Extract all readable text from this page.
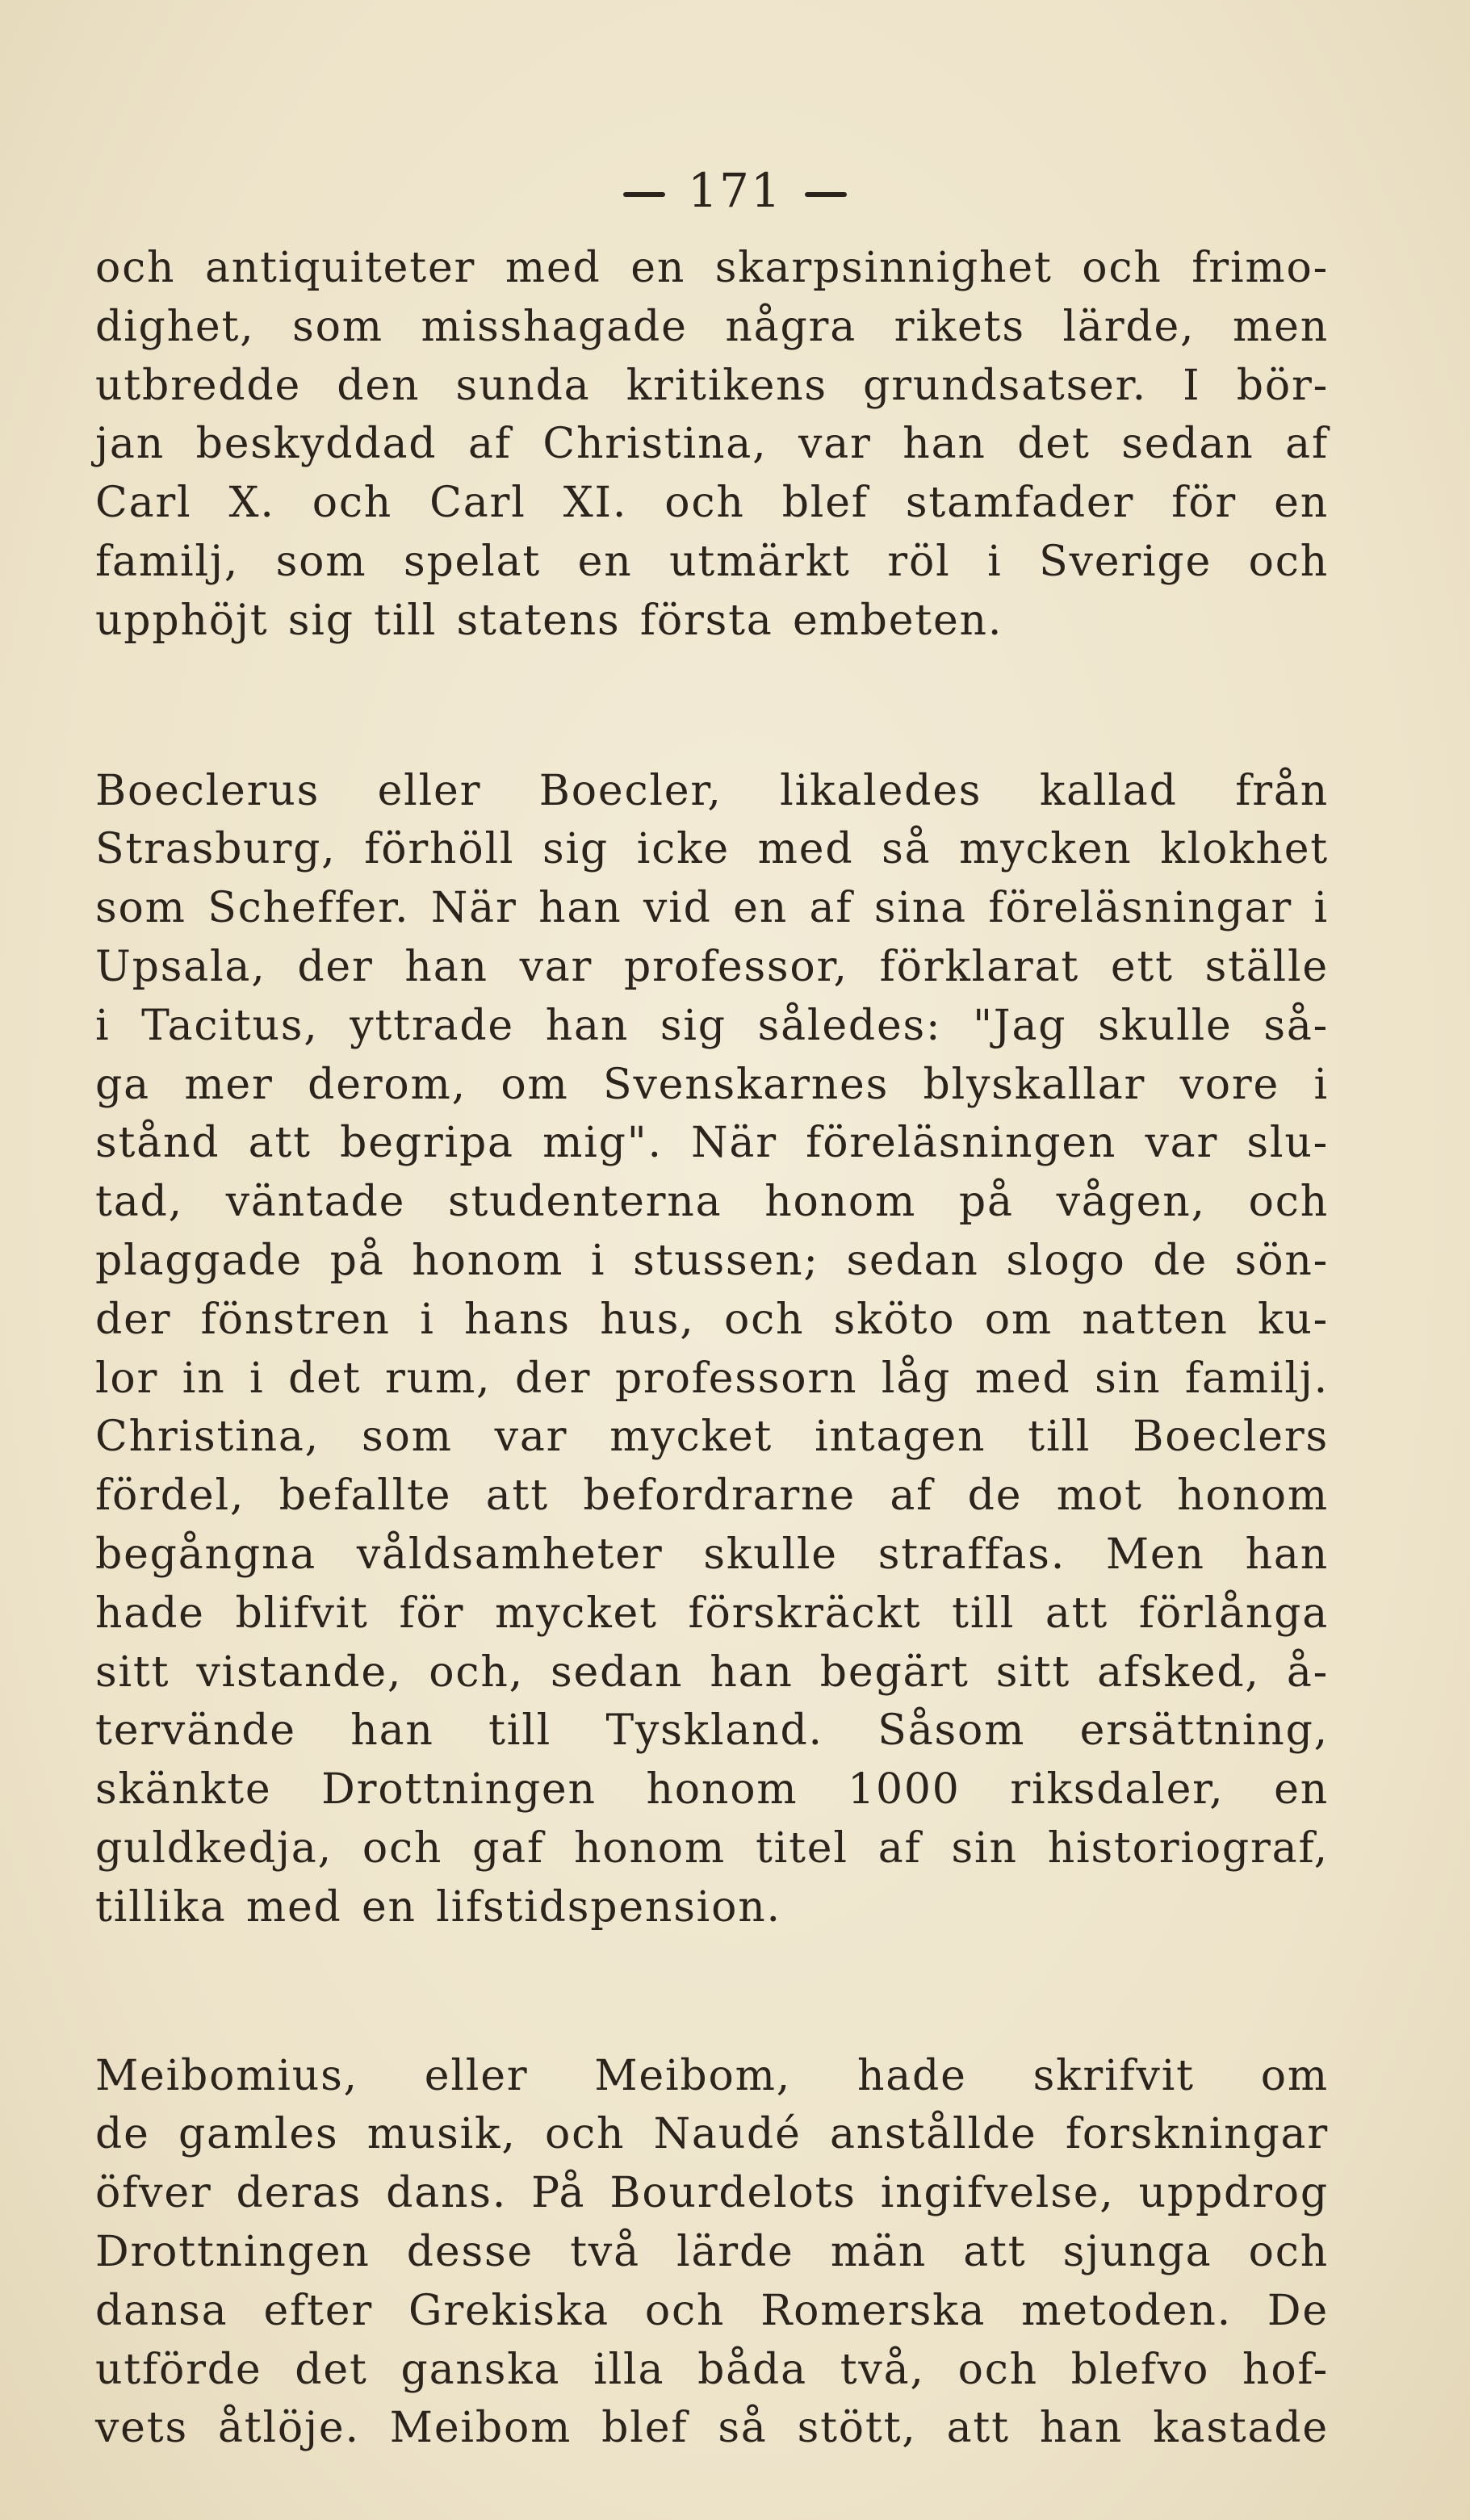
171

och antiquiteter med en skarpsinnighet och frimo-

dighet, som misshagade några rikets lärde, men

utbredde den sunda kritikens grundsatser. I bör-

jan beskyddad af Christina, var han det sedan af

Carl X. och Carl XI. och blef stamfader för en

familj, som spelat en utmärkt röl i Sverige och

upphöjt sig till statens första embeten.

Boeclerus eller Boecler, likaledes kallad från

Strasburg, förhöll sig icke med så mycken klokhet

som Scheffer. När han vid en af sina föreläsningar i

Upsala, der han var professor, förklarat ett ställe

i Tacitus, yttrade han sig således: "Jag skulle så-

ga mer derom, om Svenskarnes blyskallar vore i

stånd att begripa mig". När föreläsningen var slu-

tad, väntade studenterna honom på vågen, och

plaggade på honom i stussen; sedan slogo de sön-

der fönstren i hans hus, och sköto om natten ku-

lor in i det rum, der professorn låg med sin familj.

Christina, som var mycket intagen till Boeclers

fördel, befallte att befordrarne af de mot honom

begångna våldsamheter skulle straffas. Men han

hade blifvit för mycket förskräckt till att förlånga

sitt vistande, och, sedan han begärt sitt afsked, å-

tervände han till Tyskland. Såsom ersättning,

skänkte Drottningen honom 1000 riksdaler, en

guldkedja, och gaf honom titel af sin historiograf,

tillika med en lifstidspension.

Meibomius, eller Meibom, hade skrifvit om

de gamles musik, och Naudé anstållde forskningar

öfver deras dans. På Bourdelots ingifvelse, uppdrog

Drottningen desse två lärde män att sjunga och

dansa efter Grekiska och Romerska metoden. De

utförde det ganska illa båda två, och blefvo hof-

vets åtlöje. Meibom blef så stött, att han kastade
